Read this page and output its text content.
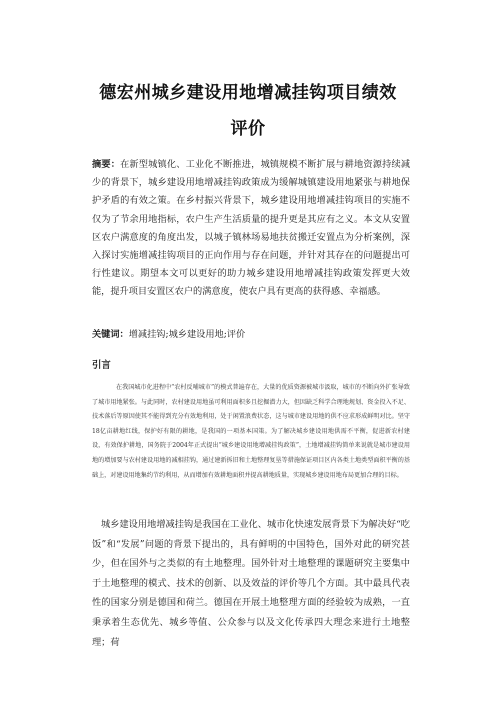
德宏州城乡建设用地增减挂钩项目绩效
评价
摘要：在新型城镇化、工业化不断推进，城镇规模不断扩展与耕地资源持续减少的背景下，城乡建设用地增减挂钩政策成为缓解城镇建设用地紧张与耕地保护矛盾的有效之策。在乡村振兴背景下，城乡建设用地增减挂钩项目的实施不仅为了节余用地指标，农户生产生活质量的提升更是其应有之义。本文从安置区农户满意度的角度出发，以城子镇林场易地扶贫搬迁安置点为分析案例，深入探讨实施增减挂钩项目的正向作用与存在问题，并针对其存在的问题提出可行性建议。期望本文可以更好的助力城乡建设用地增减挂钩政策发挥更大效能，提升项目安置区农户的满意度，使农户具有更高的获得感、幸福感。
关键词：增减挂钩;城乡建设用地;评价
引言

在我国城市化进程中“农村反哺城市”的模式普遍存在，大量的优质资源被城市汲取，城市的不断向外扩张导致了城市用地紧张。与此同时，农村建设用地虽可利用面积多且挖掘潜力大，但因缺乏科学合理地规划、资金投入不足、技术落后等原因使其不能得到充分有效地利用，处于闲置浪费状态，这与城市建设用地的供不应求形成鲜明对比。坚守18亿亩耕地红线，保护好有限的耕地，是我国的一项基本国策。为了解决城乡建设用地供需不平衡，促进新农村建设，有效保护耕地，国务院于2004年正式提出“城乡建设用地增减挂钩政策”，土地增减挂钩简单来说就是城市建设用地的增加要与农村建设用地的减相挂钩，通过建新拆旧和土地整理复垦等措施保证项目区内各类土地类型面积平衡的基础上，对建设用地集约节约利用，从而增加有效耕地面积并提高耕地质量，实现城乡建设用地布局更加合理的目标。

城乡建设用地增减挂钩是我国在工业化、城市化快速发展背景下为解决好“吃饭”和“发展”问题的背景下提出的，具有鲜明的中国特色，国外对此的研究甚少，但在国外与之类似的有土地整理。国外针对土地整理的课题研究主要集中于土地整理的模式、技术的创新、以及效益的评价等几个方面。其中最具代表性的国家分别是德国和荷兰。德国在开展土地整理方面的经验较为成熟，一直秉承着生态优先、城乡等值、公众参与以及文化传承四大理念来进行土地整理；荷
